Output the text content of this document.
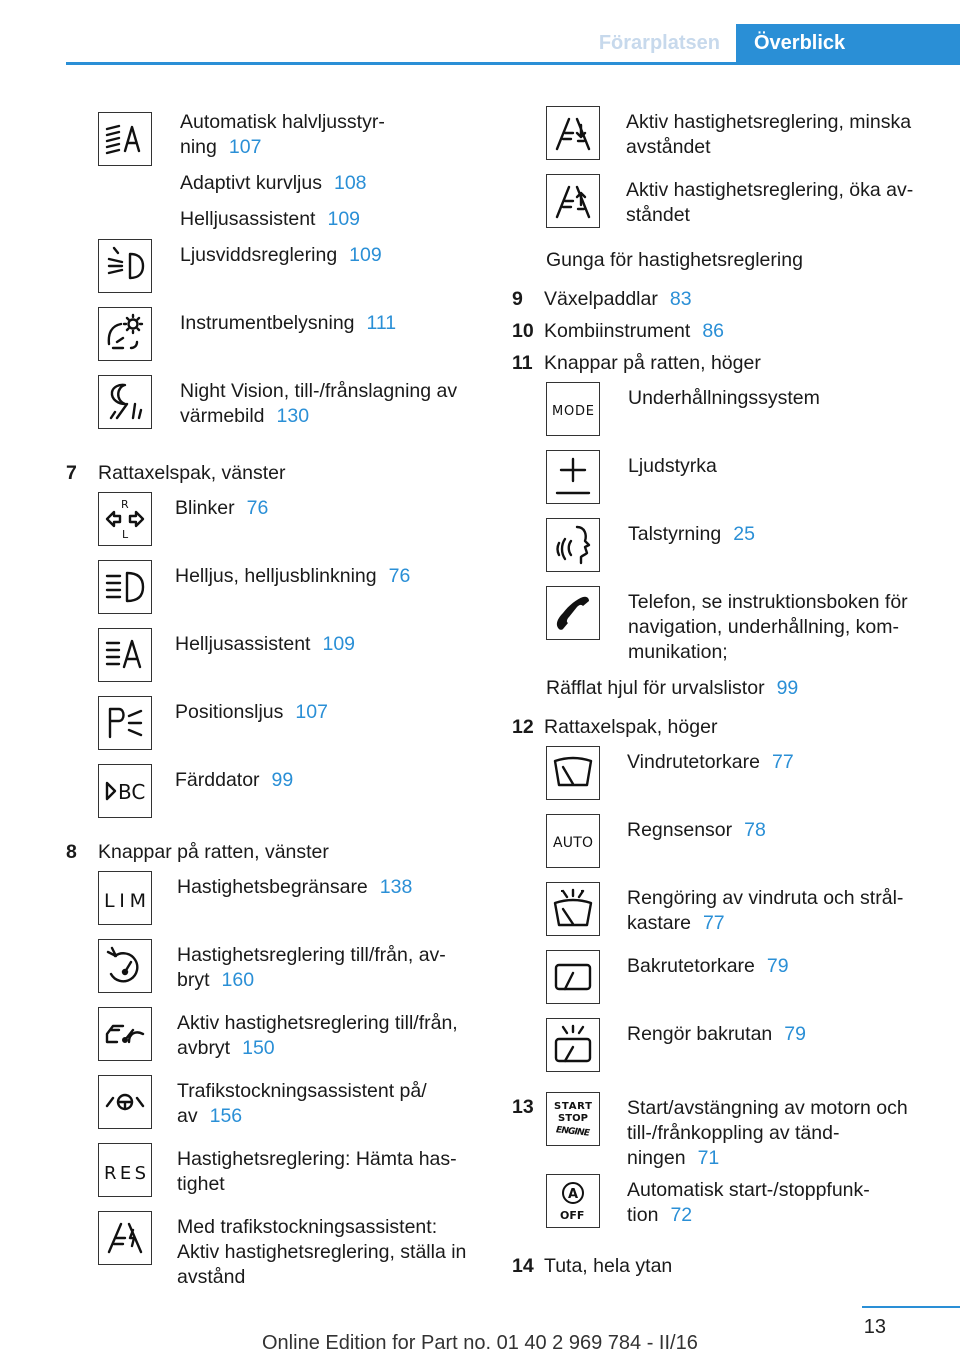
Förarplatsen	Överblick
Automatisk halvljusstyr-
ning 107
Adaptivt kurvljus 108
Helljusassistent 109
Ljusviddsreglering 109
Instrumentbelysning 111
Night Vision, till-/frånslagning av
värmebild 130
7 Rattaxelspak, vänster
R
L
Blinker 76
Helljus, helljusblinkning 76
Helljusassistent 109
Positionsljus 107
BC Färddator 99
8 Knappar på ratten, vänster
LIM
Hastighetsbegränsare 138
Hastighetsreglering till/från, av-
bryt 160
Aktiv hastighetsreglering till/från,
avbryt 150
Trafikstockningsassistent på/
av 156
RES
Hastighetsreglering: Hämta has-
tighet
Med trafikstockningsassistent:
Aktiv hastighetsreglering, ställa in
avstånd
Aktiv hastighetsreglering, minska
avståndet
Aktiv hastighetsreglering, öka av-
ståndet
Gunga för hastighetsreglering
9 Växelpaddlar 83
10 Kombiinstrument 86
11 Knappar på ratten, höger
MODE
Underhållningssystem
Ljudstyrka
Talstyrning 25
Telefon, se instruktionsboken för
navigation, underhållning, kom-
munikation;
Räfflat hjul för urvalslistor 99
12 Rattaxelspak, höger
Vindrutetorkare 77
AUTO
Regnsensor 78
Rengöring av vindruta och strål-
kastare 77
Bakrutetorkare 79
Rengör bakrutan 79
13	START
STOP
ENGINE
Start/avstängning av motorn och
till-/frånkoppling av tänd-
ningen 71
A
OFF
Automatisk start-/stoppfunk-
tion 72
14 Tuta, hela ytan
13
Online Edition for Part no. 01 40 2 969 784 - II/16
